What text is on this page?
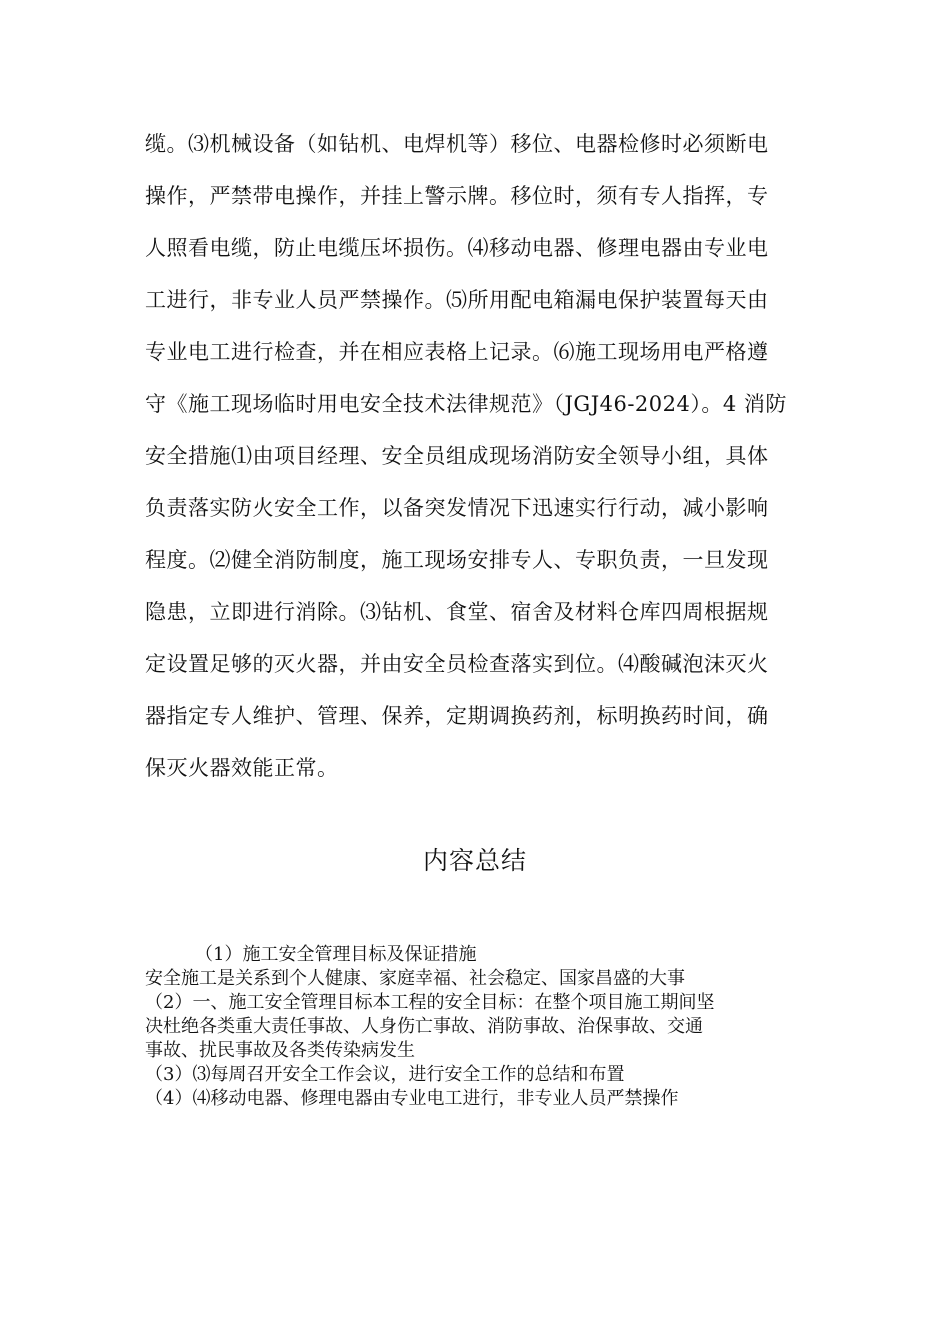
缆。⑶机械设备（如钻机、电焊机等）移位、电器检修时必须断电
操作，严禁带电操作，并挂上警示牌。移位时，须有专人指挥，专
人照看电缆，防止电缆压坏损伤。⑷移动电器、修理电器由专业电
工进行，非专业人员严禁操作。⑸所用配电箱漏电保护装置每天由
专业电工进行检查，并在相应表格上记录。⑹施工现场用电严格遵
守《施工现场临时用电安全技术法律规范》（JGJ46-2024）。4 消防
安全措施⑴由项目经理、安全员组成现场消防安全领导小组，具体
负责落实防火安全工作，以备突发情况下迅速实行行动，减小影响
程度。⑵健全消防制度，施工现场安排专人、专职负责，一旦发现
隐患，立即进行消除。⑶钻机、食堂、宿舍及材料仓库四周根据规
定设置足够的灭火器，并由安全员检查落实到位。⑷酸碱泡沫灭火
器指定专人维护、管理、保养，定期调换药剂，标明换药时间，确
保灭火器效能正常。
内容总结
（1）施工安全管理目标及保证措施
安全施工是关系到个人健康、家庭幸福、社会稳定、国家昌盛的大事
（2）一、施工安全管理目标本工程的安全目标：在整个项目施工期间坚
决杜绝各类重大责任事故、人身伤亡事故、消防事故、治保事故、交通
事故、扰民事故及各类传染病发生
（3）⑶每周召开安全工作会议，进行安全工作的总结和布置
（4）⑷移动电器、修理电器由专业电工进行，非专业人员严禁操作
